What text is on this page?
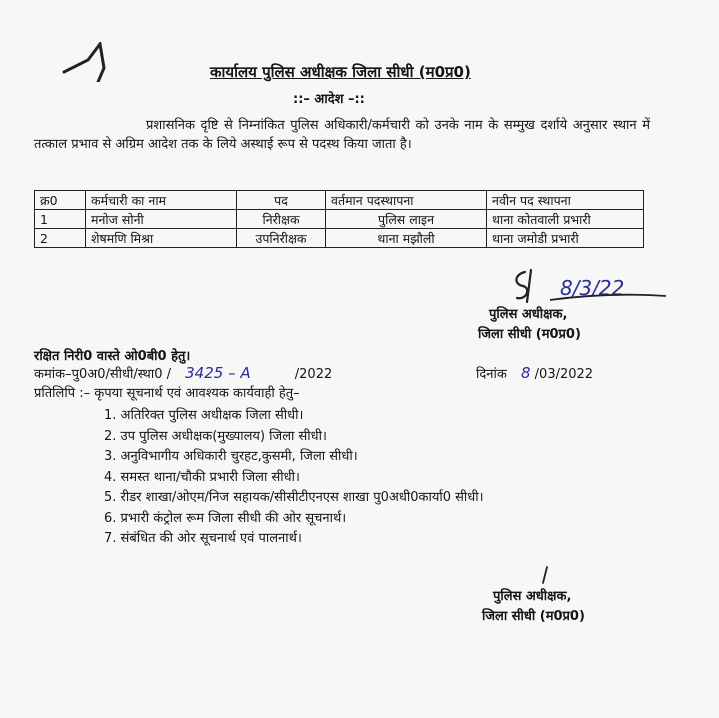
कार्यालय पुलिस अधीक्षक जिला सीधी (म0प्र0)
::– आदेश –::
प्रशासनिक दृष्टि से निम्नांकित पुलिस अधिकारी/कर्मचारी को उनके नाम के सम्मुख दर्शाये अनुसार स्थान में तत्काल प्रभाव से अग्रिम आदेश तक के लिये अस्थाई रूप से पदस्थ किया जाता है।
क्र0	कर्मचारी का नाम	पद	वर्तमान पदस्थापना	नवीन पद स्थापना
1	मनोज सोनी	निरीक्षक	पुलिस लाइन	थाना कोतवाली प्रभारी
2	शेषमणि मिश्रा	उपनिरीक्षक	थाना मझौली	थाना जमोडी प्रभारी
8/3/22
पुलिस अधीक्षक,
जिला सीधी (म0प्र0)
रक्षित निरी0 वास्ते ओ0बी0 हेतु।
कमांक–पु0अ0/सीधी/स्था0 / 3425 – A	/2022	दिनांक 8 /03/2022
प्रतिलिपि :– कृपया सूचनार्थ एवं आवश्यक कार्यवाही हेतु–
1. अतिरिक्त पुलिस अधीक्षक जिला सीधी।
2. उप पुलिस अधीक्षक(मुख्यालय) जिला सीधी।
3. अनुविभागीय अधिकारी चुरहट,कुसमी, जिला सीधी।
4. समस्त थाना/चौकी प्रभारी जिला सीधी।
5. रीडर शाखा/ओएम/निज सहायक/सीसीटीएनएस शाखा पु0अधी0कार्या0 सीधी।
6. प्रभारी कंट्रोल रूम जिला सीधी की ओर सूचनार्थ।
7. संबंधित की ओर सूचनार्थ एवं पालनार्थ।
पुलिस अधीक्षक,
जिला सीधी (म0प्र0)
